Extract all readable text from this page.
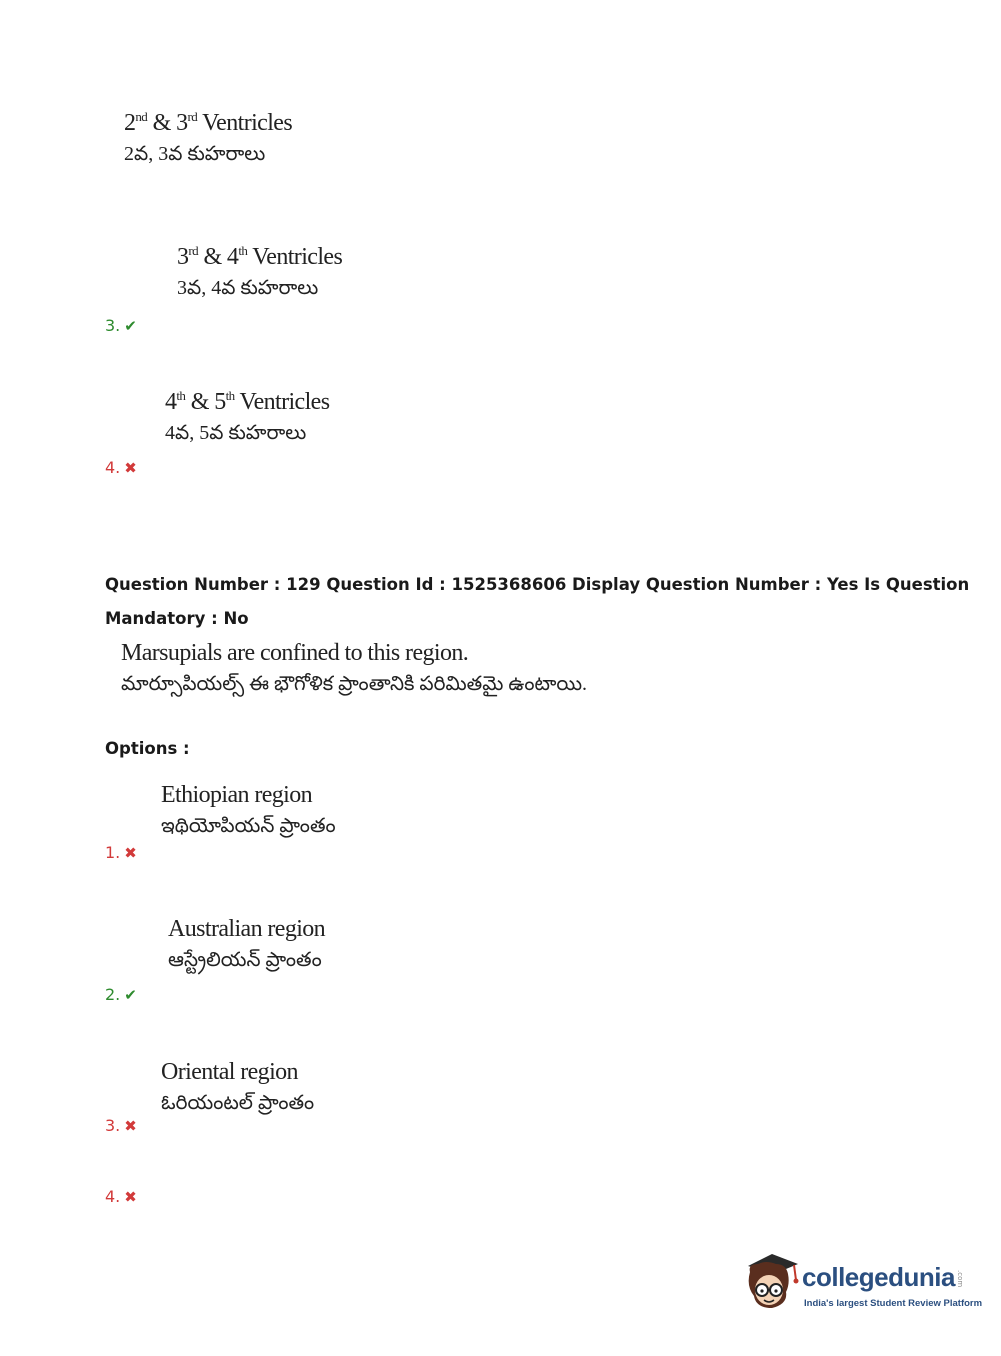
2nd & 3rd Ventricles
2వ, 3వ కుహరాలు
3rd & 4th Ventricles
3వ, 4వ కుహరాలు
3. ✔
4th & 5th Ventricles
4వ, 5వ కుహరాలు
4. ✖
Question Number : 129 Question Id : 1525368606 Display Question Number : Yes Is Question
Mandatory : No
Marsupials are confined to this region.
మార్సూపియల్స్ ఈ భౌగోళిక ప్రాంతానికి పరిమితమై ఉంటాయి.
Options :
Ethiopian region
ఇథియోపియన్ ప్రాంతం
1. ✖
Australian region
ఆస్ట్రేలియన్ ప్రాంతం
2. ✔
Oriental region
ఓరియంటల్ ప్రాంతం
3. ✖
4. ✖
collegedunia .com
India's largest Student Review Platform
